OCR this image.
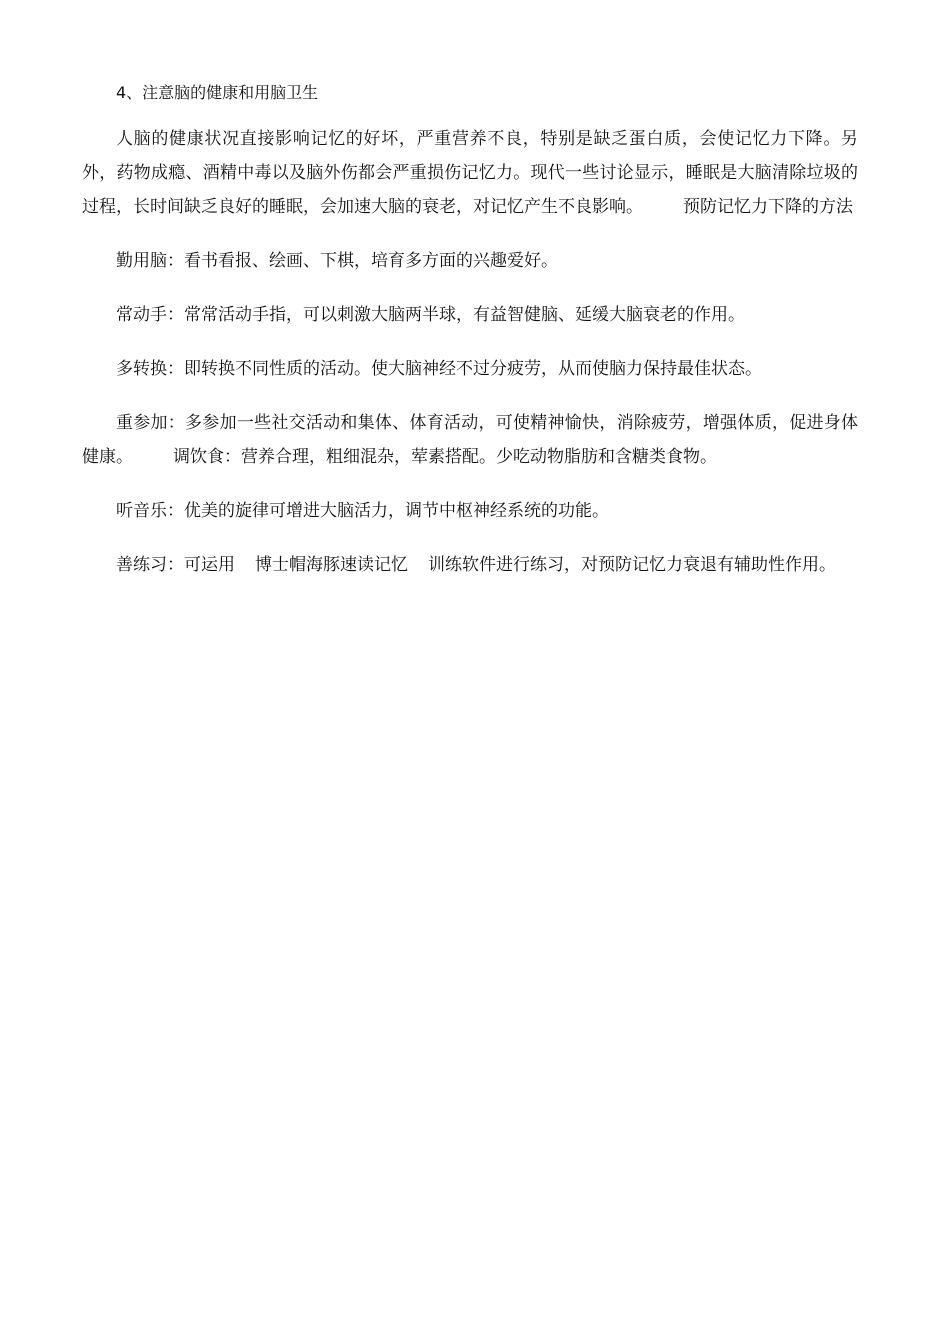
4、注意脑的健康和用脑卫生

人脑的健康状况直接影响记忆的好坏，严重营养不良，特别是缺乏蛋白质，会使记忆力下降。另外，药物成瘾、酒精中毒以及脑外伤都会严重损伤记忆力。现代一些讨论显示，睡眠是大脑清除垃圾的过程，长时间缺乏良好的睡眠，会加速大脑的衰老，对记忆产生不良影响。 预防记忆力下降的方法

勤用脑：看书看报、绘画、下棋，培育多方面的兴趣爱好。

常动手：常常活动手指，可以刺激大脑两半球，有益智健脑、延缓大脑衰老的作用。

多转换：即转换不同性质的活动。使大脑神经不过分疲劳，从而使脑力保持最佳状态。

重参加：多参加一些社交活动和集体、体育活动，可使精神愉快，消除疲劳，增强体质，促进身体健康。 调饮食：营养合理，粗细混杂，荤素搭配。少吃动物脂肪和含糖类食物。

听音乐：优美的旋律可增进大脑活力，调节中枢神经系统的功能。

善练习：可运用 博士帽海豚速读记忆 训练软件进行练习，对预防记忆力衰退有辅助性作用。
